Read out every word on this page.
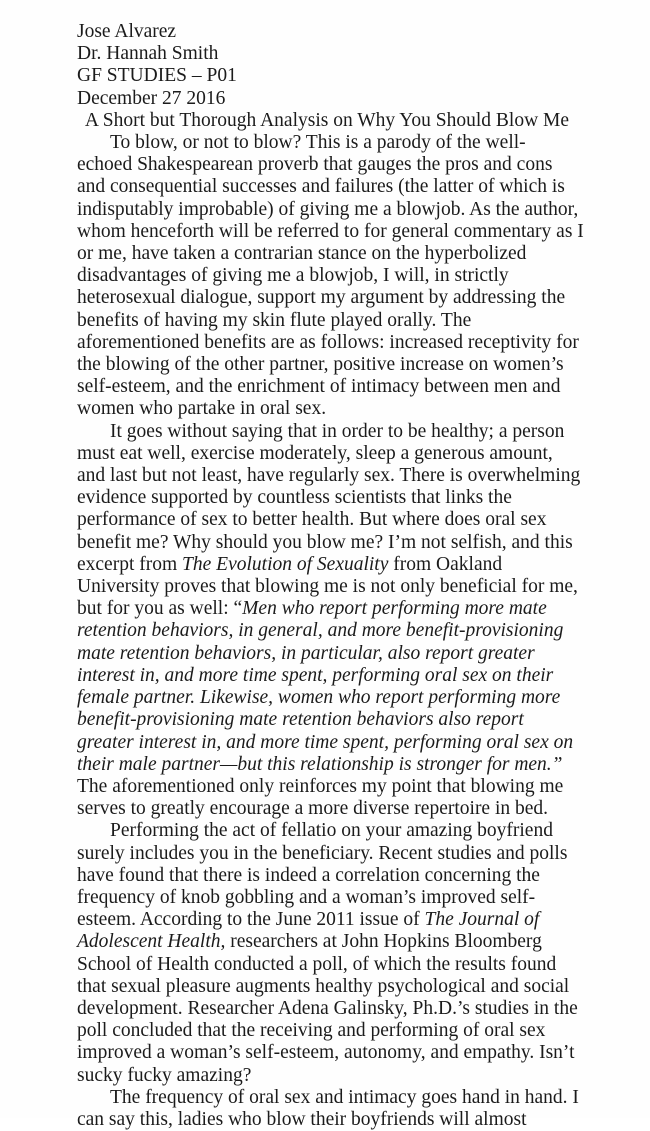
Jose Alvarez
Dr. Hannah Smith
GF STUDIES – P01
December 27 2016
A Short but Thorough Analysis on Why You Should Blow Me
To blow, or not to blow? This is a parody of the well-
echoed Shakespearean proverb that gauges the pros and cons
and consequential successes and failures (the latter of which is
indisputably improbable) of giving me a blowjob. As the author,
whom henceforth will be referred to for general commentary as I
or me, have taken a contrarian stance on the hyperbolized
disadvantages of giving me a blowjob, I will, in strictly
heterosexual dialogue, support my argument by addressing the
benefits of having my skin flute played orally. The
aforementioned benefits are as follows: increased receptivity for
the blowing of the other partner, positive increase on women’s
self-esteem, and the enrichment of intimacy between men and
women who partake in oral sex.
It goes without saying that in order to be healthy; a person
must eat well, exercise moderately, sleep a generous amount,
and last but not least, have regularly sex. There is overwhelming
evidence supported by countless scientists that links the
performance of sex to better health. But where does oral sex
benefit me? Why should you blow me? I’m not selfish, and this
excerpt from The Evolution of Sexuality from Oakland
University proves that blowing me is not only beneficial for me,
but for you as well: “Men who report performing more mate
retention behaviors, in general, and more benefit-provisioning
mate retention behaviors, in particular, also report greater
interest in, and more time spent, performing oral sex on their
female partner. Likewise, women who report performing more
benefit-provisioning mate retention behaviors also report
greater interest in, and more time spent, performing oral sex on
their male partner—but this relationship is stronger for men.”
The aforementioned only reinforces my point that blowing me
serves to greatly encourage a more diverse repertoire in bed.
Performing the act of fellatio on your amazing boyfriend
surely includes you in the beneficiary. Recent studies and polls
have found that there is indeed a correlation concerning the
frequency of knob gobbling and a woman’s improved self-
esteem. According to the June 2011 issue of The Journal of
Adolescent Health, researchers at John Hopkins Bloomberg
School of Health conducted a poll, of which the results found
that sexual pleasure augments healthy psychological and social
development. Researcher Adena Galinsky, Ph.D.’s studies in the
poll concluded that the receiving and performing of oral sex
improved a woman’s self-esteem, autonomy, and empathy. Isn’t
sucky fucky amazing?
The frequency of oral sex and intimacy goes hand in hand. I
can say this, ladies who blow their boyfriends will almost
